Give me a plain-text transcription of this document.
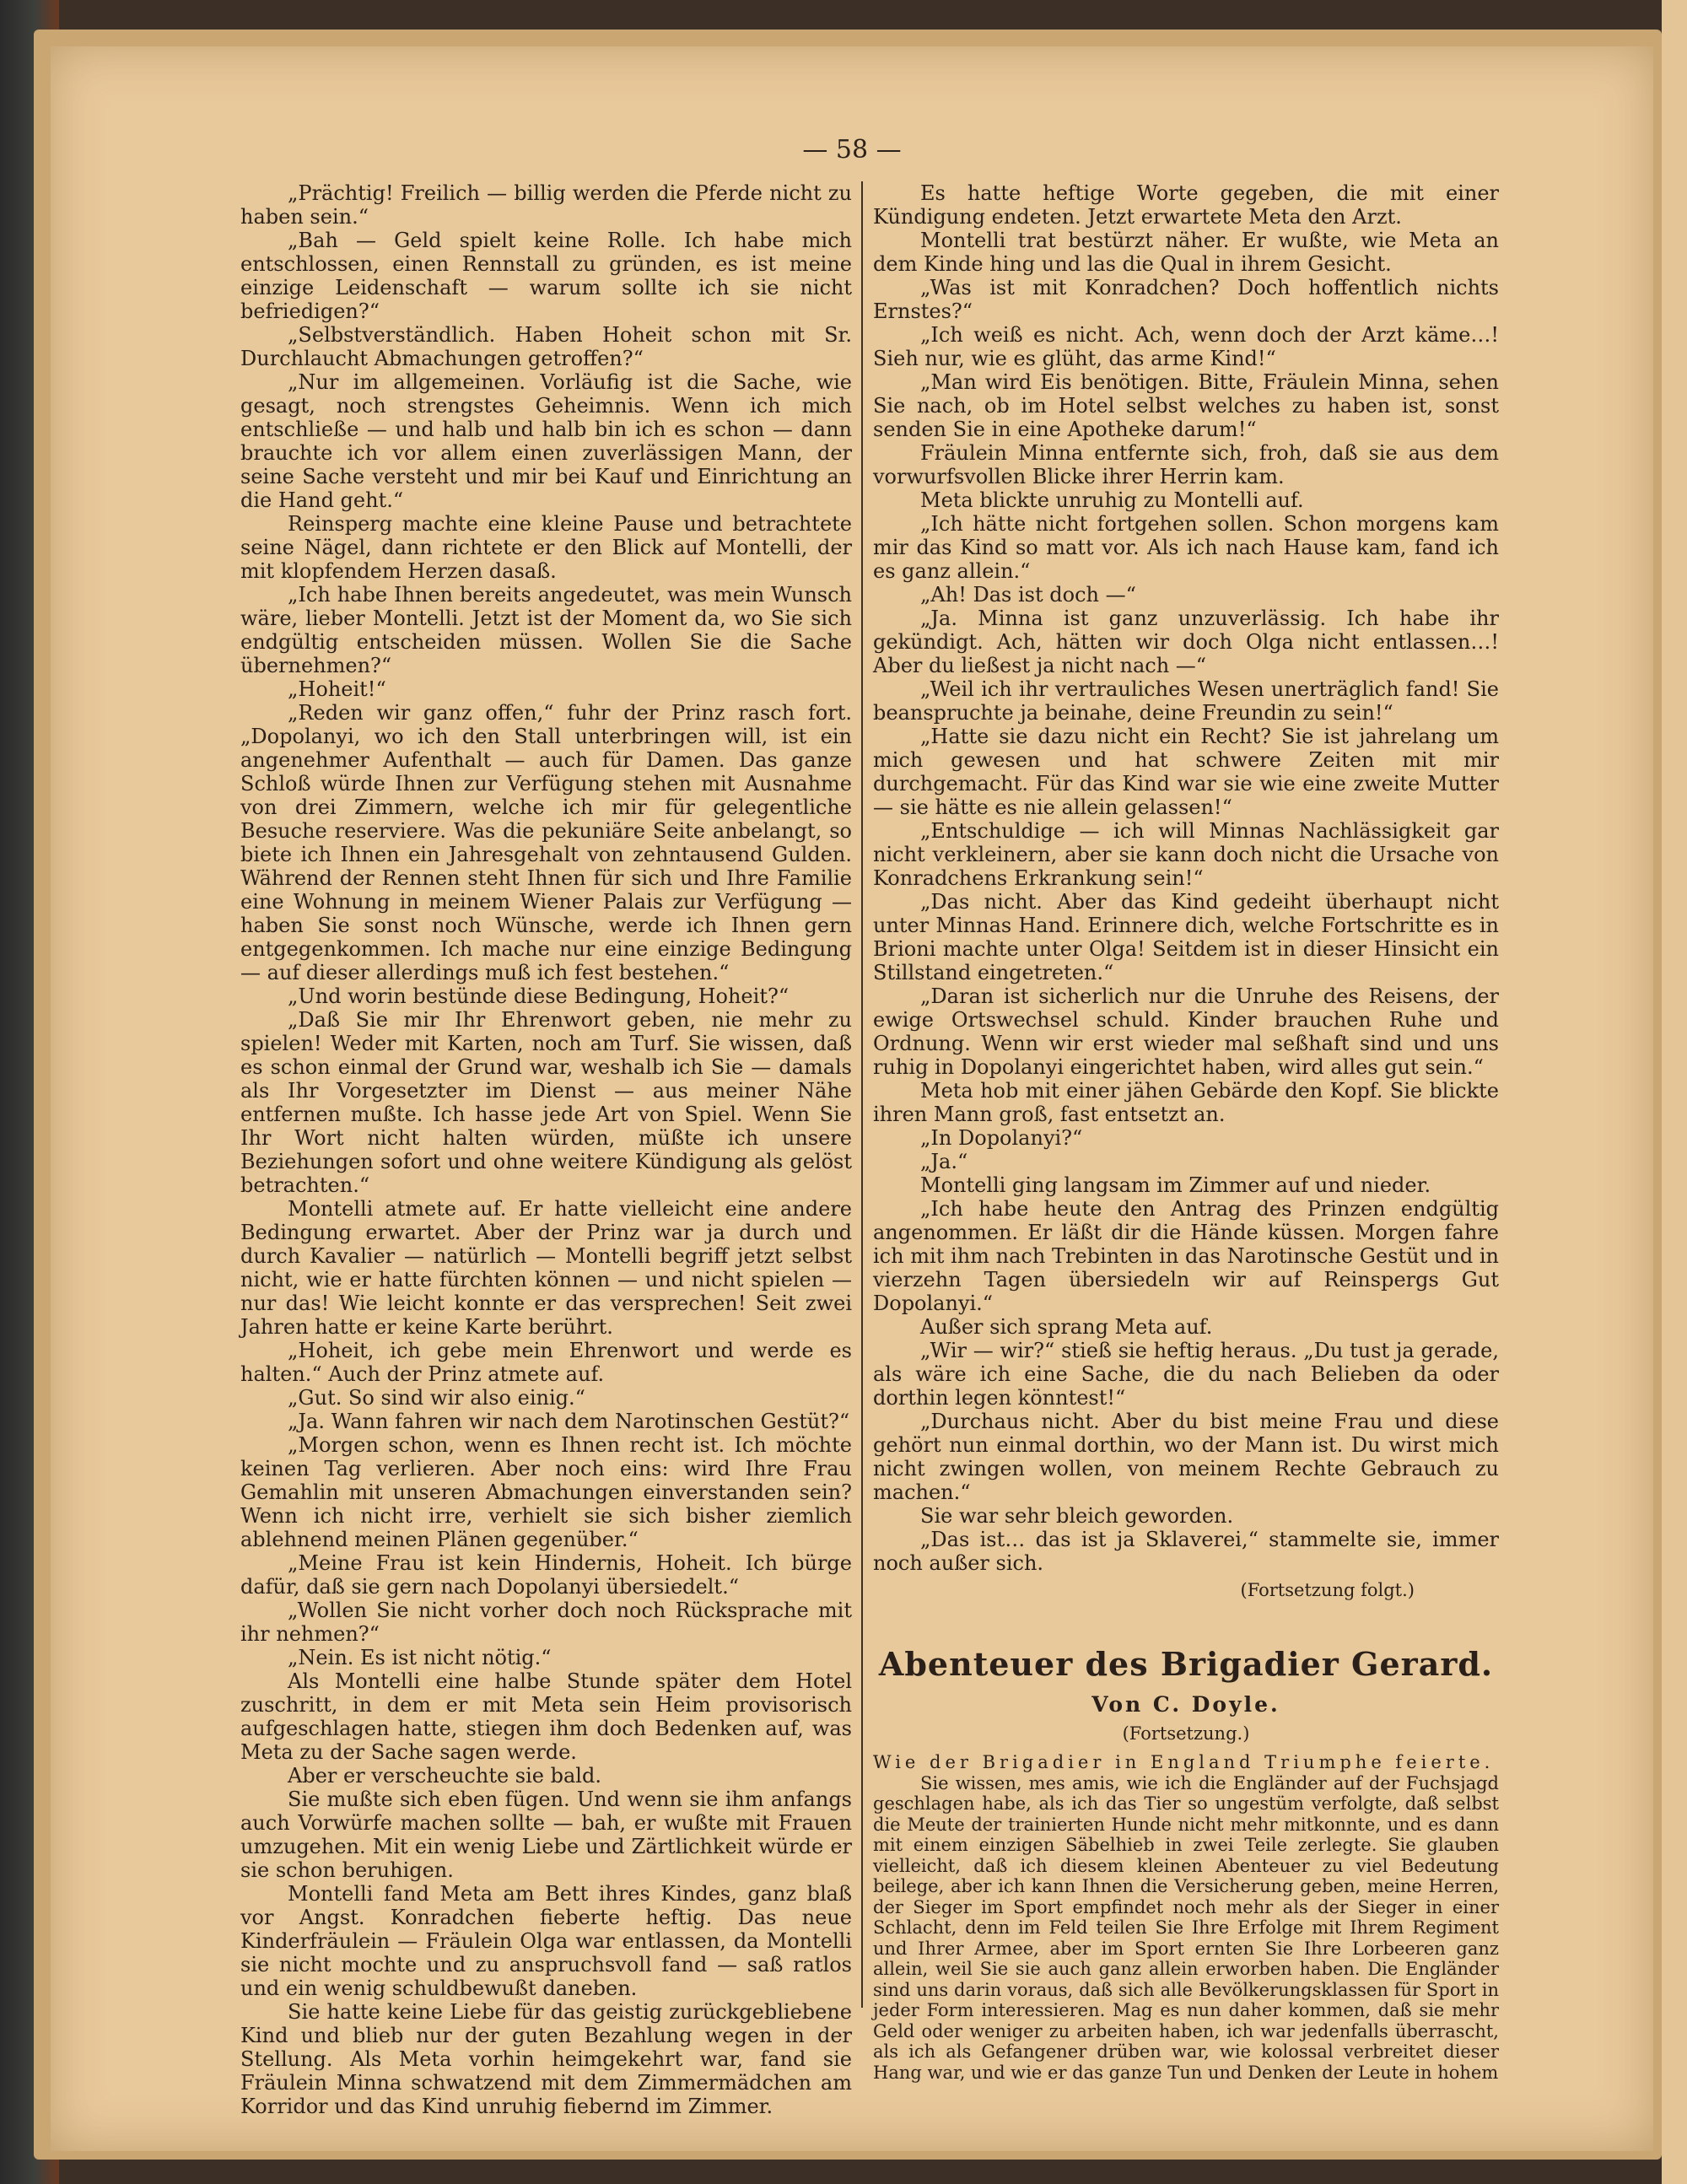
— 58 —

„Prächtig! Freilich — billig werden die Pferde nicht zu haben sein.“

„Bah — Geld spielt keine Rolle. Ich habe mich entschlossen, einen Rennstall zu gründen, es ist meine einzige Leidenschaft — warum sollte ich sie nicht befriedigen?“

„Selbstverständlich. Haben Hoheit schon mit Sr. Durchlaucht Abmachungen getroffen?“

„Nur im allgemeinen. Vorläufig ist die Sache, wie gesagt, noch strengstes Geheimnis. Wenn ich mich entschließe — und halb und halb bin ich es schon — dann brauchte ich vor allem einen zuverlässigen Mann, der seine Sache versteht und mir bei Kauf und Einrichtung an die Hand geht.“

Reinsperg machte eine kleine Pause und betrachtete seine Nägel, dann richtete er den Blick auf Montelli, der mit klopfendem Herzen dasaß.

„Ich habe Ihnen bereits angedeutet, was mein Wunsch wäre, lieber Montelli. Jetzt ist der Moment da, wo Sie sich endgültig entscheiden müssen. Wollen Sie die Sache übernehmen?“

„Hoheit!“

„Reden wir ganz offen,“ fuhr der Prinz rasch fort. „Dopolanyi, wo ich den Stall unterbringen will, ist ein angenehmer Aufenthalt — auch für Damen. Das ganze Schloß würde Ihnen zur Verfügung stehen mit Ausnahme von drei Zimmern, welche ich mir für gelegentliche Besuche reserviere. Was die pekuniäre Seite anbelangt, so biete ich Ihnen ein Jahresgehalt von zehntausend Gulden. Während der Rennen steht Ihnen für sich und Ihre Familie eine Wohnung in meinem Wiener Palais zur Verfügung — haben Sie sonst noch Wünsche, werde ich Ihnen gern entgegenkommen. Ich mache nur eine einzige Bedingung — auf dieser allerdings muß ich fest bestehen.“

„Und worin bestünde diese Bedingung, Hoheit?“

„Daß Sie mir Ihr Ehrenwort geben, nie mehr zu spielen! Weder mit Karten, noch am Turf. Sie wissen, daß es schon einmal der Grund war, weshalb ich Sie — damals als Ihr Vorgesetzter im Dienst — aus meiner Nähe entfernen mußte. Ich hasse jede Art von Spiel. Wenn Sie Ihr Wort nicht halten würden, müßte ich unsere Beziehungen sofort und ohne weitere Kündigung als gelöst betrachten.“

Montelli atmete auf. Er hatte vielleicht eine andere Bedingung erwartet. Aber der Prinz war ja durch und durch Kavalier — natürlich — Montelli begriff jetzt selbst nicht, wie er hatte fürchten können — und nicht spielen — nur das! Wie leicht konnte er das versprechen! Seit zwei Jahren hatte er keine Karte berührt.

„Hoheit, ich gebe mein Ehrenwort und werde es halten.“ Auch der Prinz atmete auf.

„Gut. So sind wir also einig.“

„Ja. Wann fahren wir nach dem Narotinschen Gestüt?“

„Morgen schon, wenn es Ihnen recht ist. Ich möchte keinen Tag verlieren. Aber noch eins: wird Ihre Frau Gemahlin mit unseren Abmachungen einverstanden sein? Wenn ich nicht irre, verhielt sie sich bisher ziemlich ablehnend meinen Plänen gegenüber.“

„Meine Frau ist kein Hindernis, Hoheit. Ich bürge dafür, daß sie gern nach Dopolanyi übersiedelt.“

„Wollen Sie nicht vorher doch noch Rücksprache mit ihr nehmen?“

„Nein. Es ist nicht nötig.“

Als Montelli eine halbe Stunde später dem Hotel zuschritt, in dem er mit Meta sein Heim provisorisch aufgeschlagen hatte, stiegen ihm doch Bedenken auf, was Meta zu der Sache sagen werde.

Aber er verscheuchte sie bald.

Sie mußte sich eben fügen. Und wenn sie ihm anfangs auch Vorwürfe machen sollte — bah, er wußte mit Frauen umzugehen. Mit ein wenig Liebe und Zärtlichkeit würde er sie schon beruhigen.

Montelli fand Meta am Bett ihres Kindes, ganz blaß vor Angst. Konradchen fieberte heftig. Das neue Kinderfräulein — Fräulein Olga war entlassen, da Montelli sie nicht mochte und zu anspruchsvoll fand — saß ratlos und ein wenig schuldbewußt daneben.

Sie hatte keine Liebe für das geistig zurückgebliebene Kind und blieb nur der guten Bezahlung wegen in der Stellung. Als Meta vorhin heimgekehrt war, fand sie Fräulein Minna schwatzend mit dem Zimmermädchen am Korridor und das Kind unruhig fiebernd im Zimmer.

Es hatte heftige Worte gegeben, die mit einer Kündigung endeten. Jetzt erwartete Meta den Arzt.

Montelli trat bestürzt näher. Er wußte, wie Meta an dem Kinde hing und las die Qual in ihrem Gesicht.

„Was ist mit Konradchen? Doch hoffentlich nichts Ernstes?“

„Ich weiß es nicht. Ach, wenn doch der Arzt käme…! Sieh nur, wie es glüht, das arme Kind!“

„Man wird Eis benötigen. Bitte, Fräulein Minna, sehen Sie nach, ob im Hotel selbst welches zu haben ist, sonst senden Sie in eine Apotheke darum!“

Fräulein Minna entfernte sich, froh, daß sie aus dem vorwurfsvollen Blicke ihrer Herrin kam.

Meta blickte unruhig zu Montelli auf.

„Ich hätte nicht fortgehen sollen. Schon morgens kam mir das Kind so matt vor. Als ich nach Hause kam, fand ich es ganz allein.“

„Ah! Das ist doch —“

„Ja. Minna ist ganz unzuverlässig. Ich habe ihr gekündigt. Ach, hätten wir doch Olga nicht entlassen…! Aber du ließest ja nicht nach —“

„Weil ich ihr vertrauliches Wesen unerträglich fand! Sie beanspruchte ja beinahe, deine Freundin zu sein!“

„Hatte sie dazu nicht ein Recht? Sie ist jahrelang um mich gewesen und hat schwere Zeiten mit mir durchgemacht. Für das Kind war sie wie eine zweite Mutter — sie hätte es nie allein gelassen!“

„Entschuldige — ich will Minnas Nachlässigkeit gar nicht verkleinern, aber sie kann doch nicht die Ursache von Konradchens Erkrankung sein!“

„Das nicht. Aber das Kind gedeiht überhaupt nicht unter Minnas Hand. Erinnere dich, welche Fortschritte es in Brioni machte unter Olga! Seitdem ist in dieser Hinsicht ein Stillstand eingetreten.“

„Daran ist sicherlich nur die Unruhe des Reisens, der ewige Ortswechsel schuld. Kinder brauchen Ruhe und Ordnung. Wenn wir erst wieder mal seßhaft sind und uns ruhig in Dopolanyi eingerichtet haben, wird alles gut sein.“

Meta hob mit einer jähen Gebärde den Kopf. Sie blickte ihren Mann groß, fast entsetzt an.

„In Dopolanyi?“

„Ja.“

Montelli ging langsam im Zimmer auf und nieder.

„Ich habe heute den Antrag des Prinzen endgültig angenommen. Er läßt dir die Hände küssen. Morgen fahre ich mit ihm nach Trebinten in das Narotinsche Gestüt und in vierzehn Tagen übersiedeln wir auf Reinspergs Gut Dopolanyi.“

Außer sich sprang Meta auf.

„Wir — wir?“ stieß sie heftig heraus. „Du tust ja gerade, als wäre ich eine Sache, die du nach Belieben da oder dorthin legen könntest!“

„Durchaus nicht. Aber du bist meine Frau und diese gehört nun einmal dorthin, wo der Mann ist. Du wirst mich nicht zwingen wollen, von meinem Rechte Gebrauch zu machen.“

Sie war sehr bleich geworden.

„Das ist… das ist ja Sklaverei,“ stammelte sie, immer noch außer sich.

(Fortsetzung folgt.)
Abenteuer des Brigadier Gerard.
Von C. Doyle.
(Fortsetzung.)

Wie der Brigadier in England Triumphe feierte.

Sie wissen, mes amis, wie ich die Engländer auf der Fuchsjagd geschlagen habe, als ich das Tier so ungestüm verfolgte, daß selbst die Meute der trainierten Hunde nicht mehr mitkonnte, und es dann mit einem einzigen Säbelhieb in zwei Teile zerlegte. Sie glauben vielleicht, daß ich diesem kleinen Abenteuer zu viel Bedeutung beilege, aber ich kann Ihnen die Versicherung geben, meine Herren, der Sieger im Sport empfindet noch mehr als der Sieger in einer Schlacht, denn im Feld teilen Sie Ihre Erfolge mit Ihrem Regiment und Ihrer Armee, aber im Sport ernten Sie Ihre Lorbeeren ganz allein, weil Sie sie auch ganz allein erworben haben. Die Engländer sind uns darin voraus, daß sich alle Bevölkerungsklassen für Sport in jeder Form interessieren. Mag es nun daher kommen, daß sie mehr Geld oder weniger zu arbeiten haben, ich war jedenfalls überrascht, als ich als Gefangener drüben war, wie kolossal verbreitet dieser Hang war, und wie er das ganze Tun und Denken der Leute in hohem
